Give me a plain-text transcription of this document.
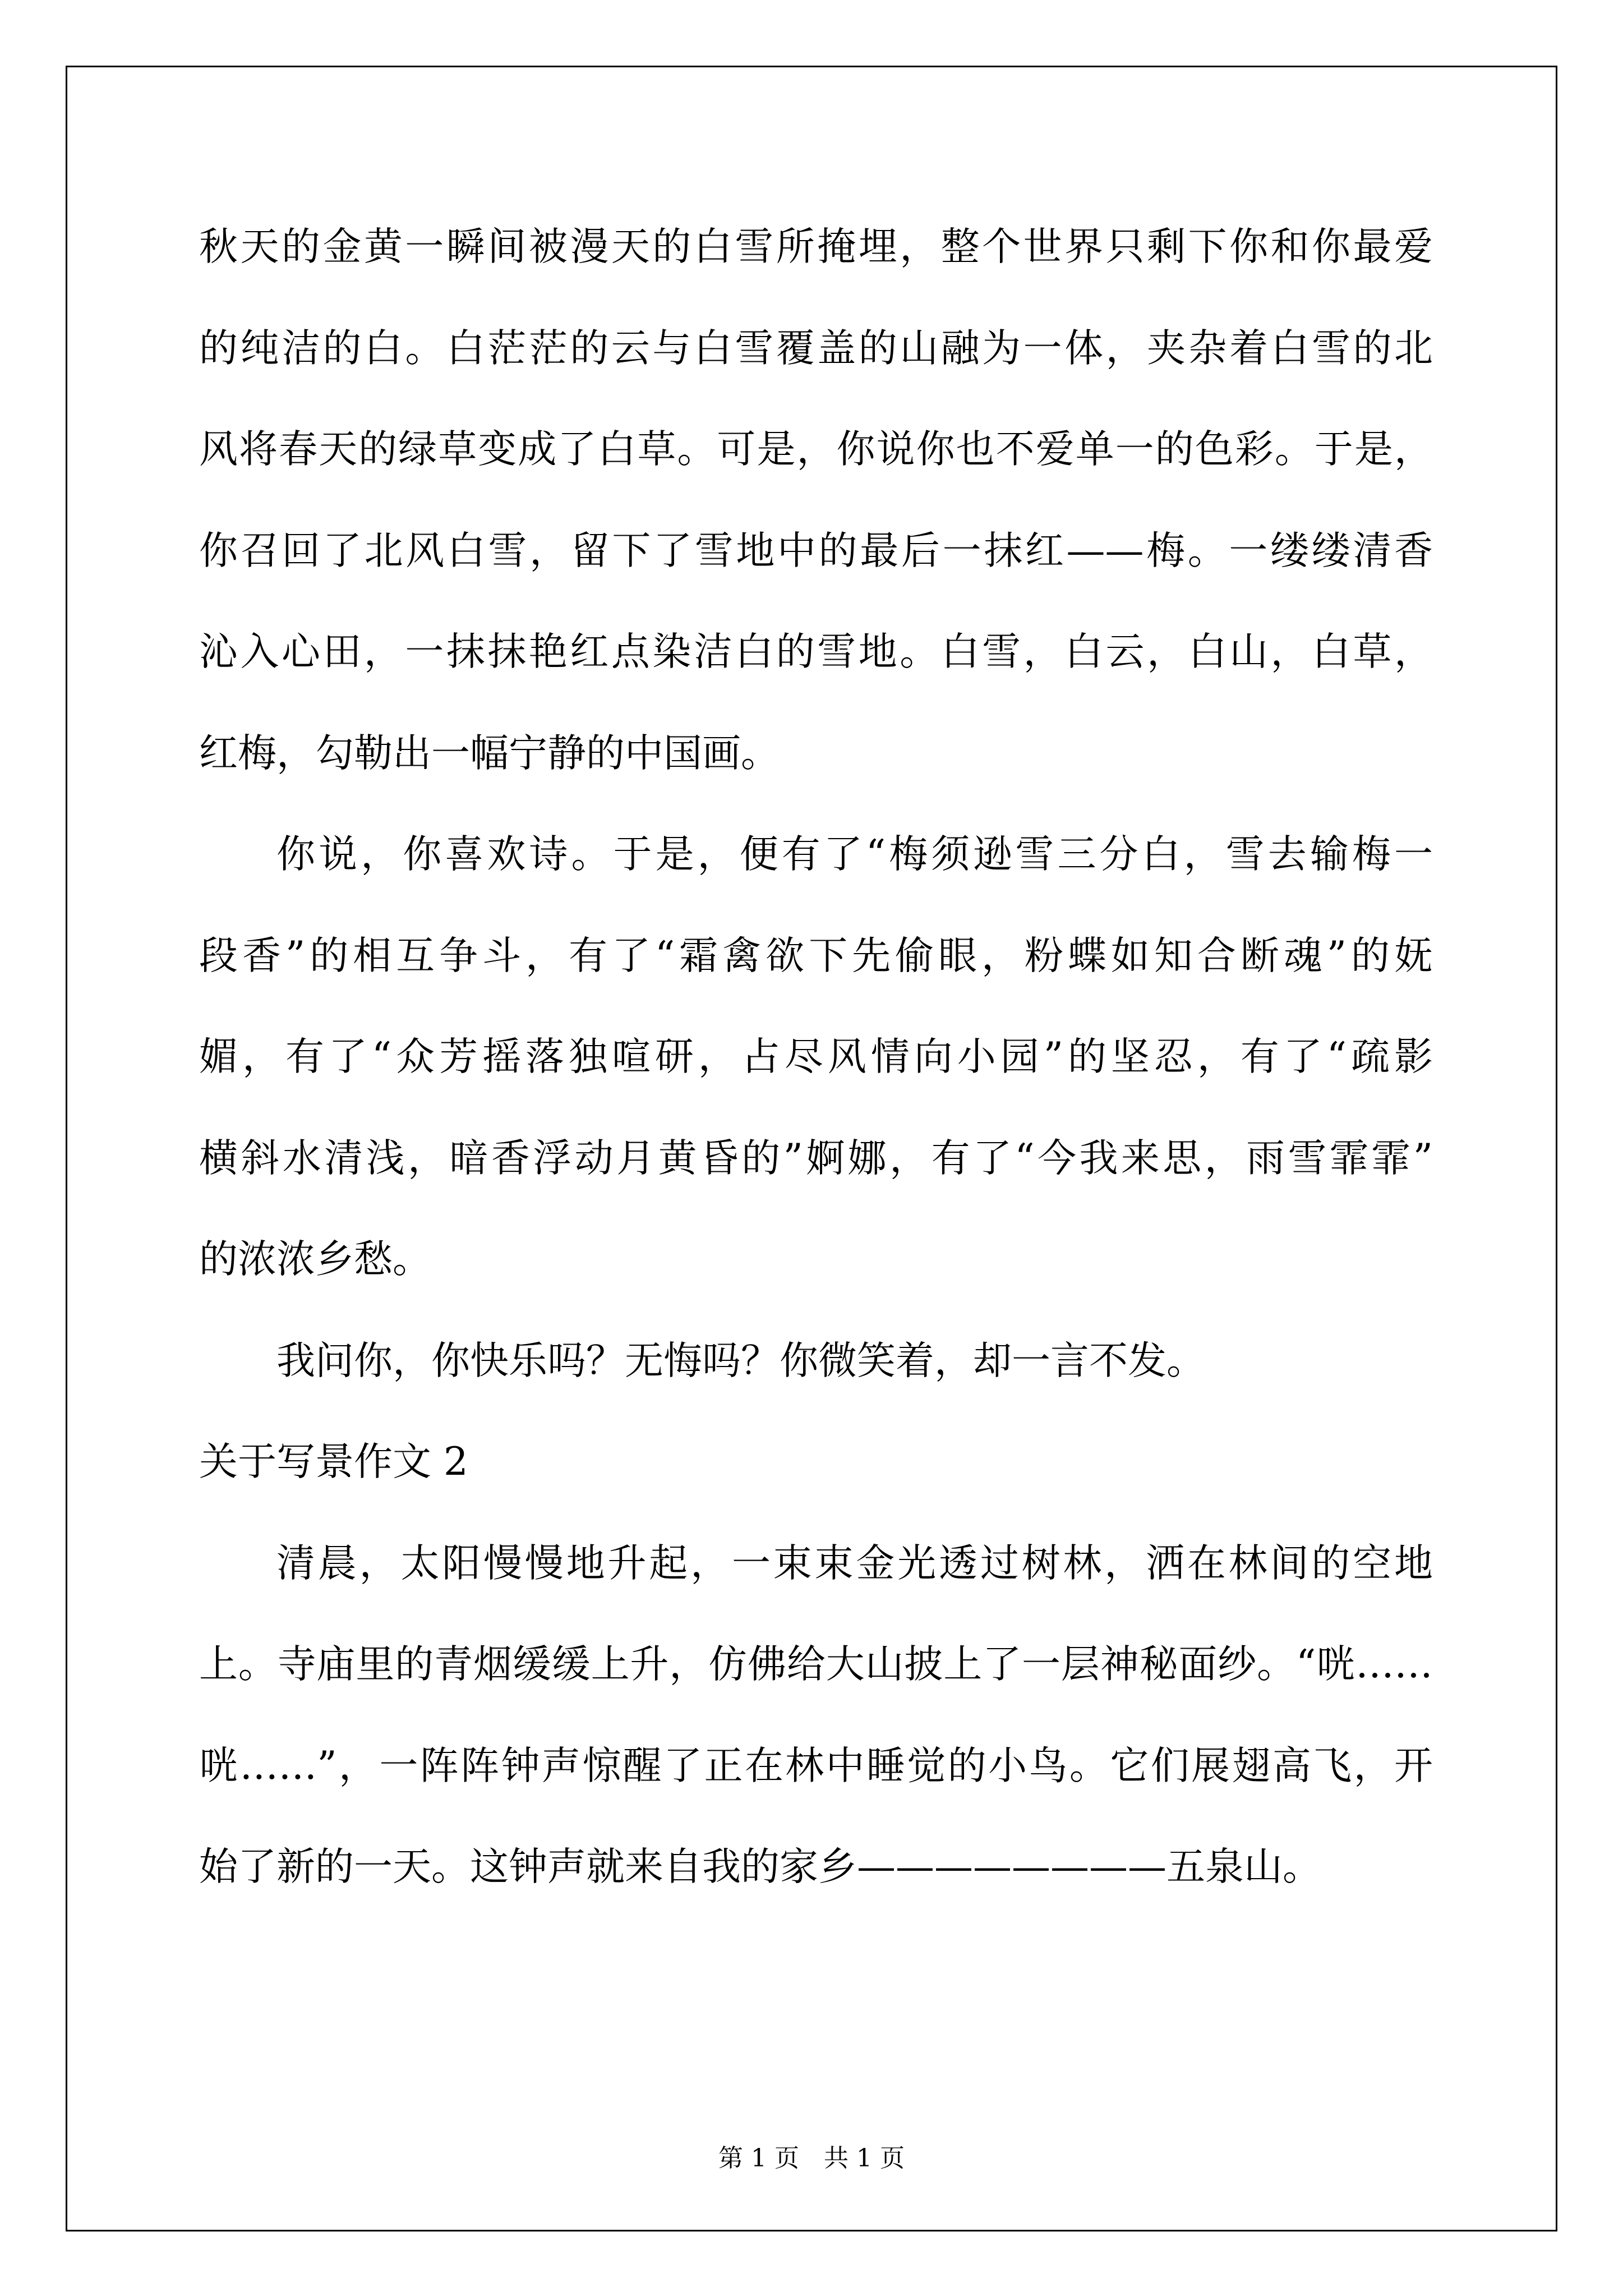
秋天的金黄一瞬间被漫天的白雪所掩埋，整个世界只剩下你和你最爱
的纯洁的白。白茫茫的云与白雪覆盖的山融为一体，夹杂着白雪的北
风将春天的绿草变成了白草。可是，你说你也不爱单一的色彩。于是，
你召回了北风白雪，留下了雪地中的最后一抹红——梅。一缕缕清香
沁入心田，一抹抹艳红点染洁白的雪地。白雪，白云，白山，白草，
红梅，勾勒出一幅宁静的中国画。
你说，你喜欢诗。于是，便有了“梅须逊雪三分白，雪去输梅一
段香”的相互争斗，有了“霜禽欲下先偷眼，粉蝶如知合断魂”的妩
媚，有了“众芳摇落独喧研，占尽风情向小园”的坚忍，有了“疏影
横斜水清浅，暗香浮动月黄昏的”婀娜，有了“今我来思，雨雪霏霏”
的浓浓乡愁。
我问你，你快乐吗？无悔吗？你微笑着，却一言不发。
关于写景作文 2
清晨，太阳慢慢地升起，一束束金光透过树林，洒在林间的空地
上。寺庙里的青烟缓缓上升，仿佛给大山披上了一层神秘面纱。“咣……
咣……”，一阵阵钟声惊醒了正在林中睡觉的小鸟。它们展翅高飞，开
始了新的一天。这钟声就来自我的家乡————————五泉山。
第 1 页　共 1 页
